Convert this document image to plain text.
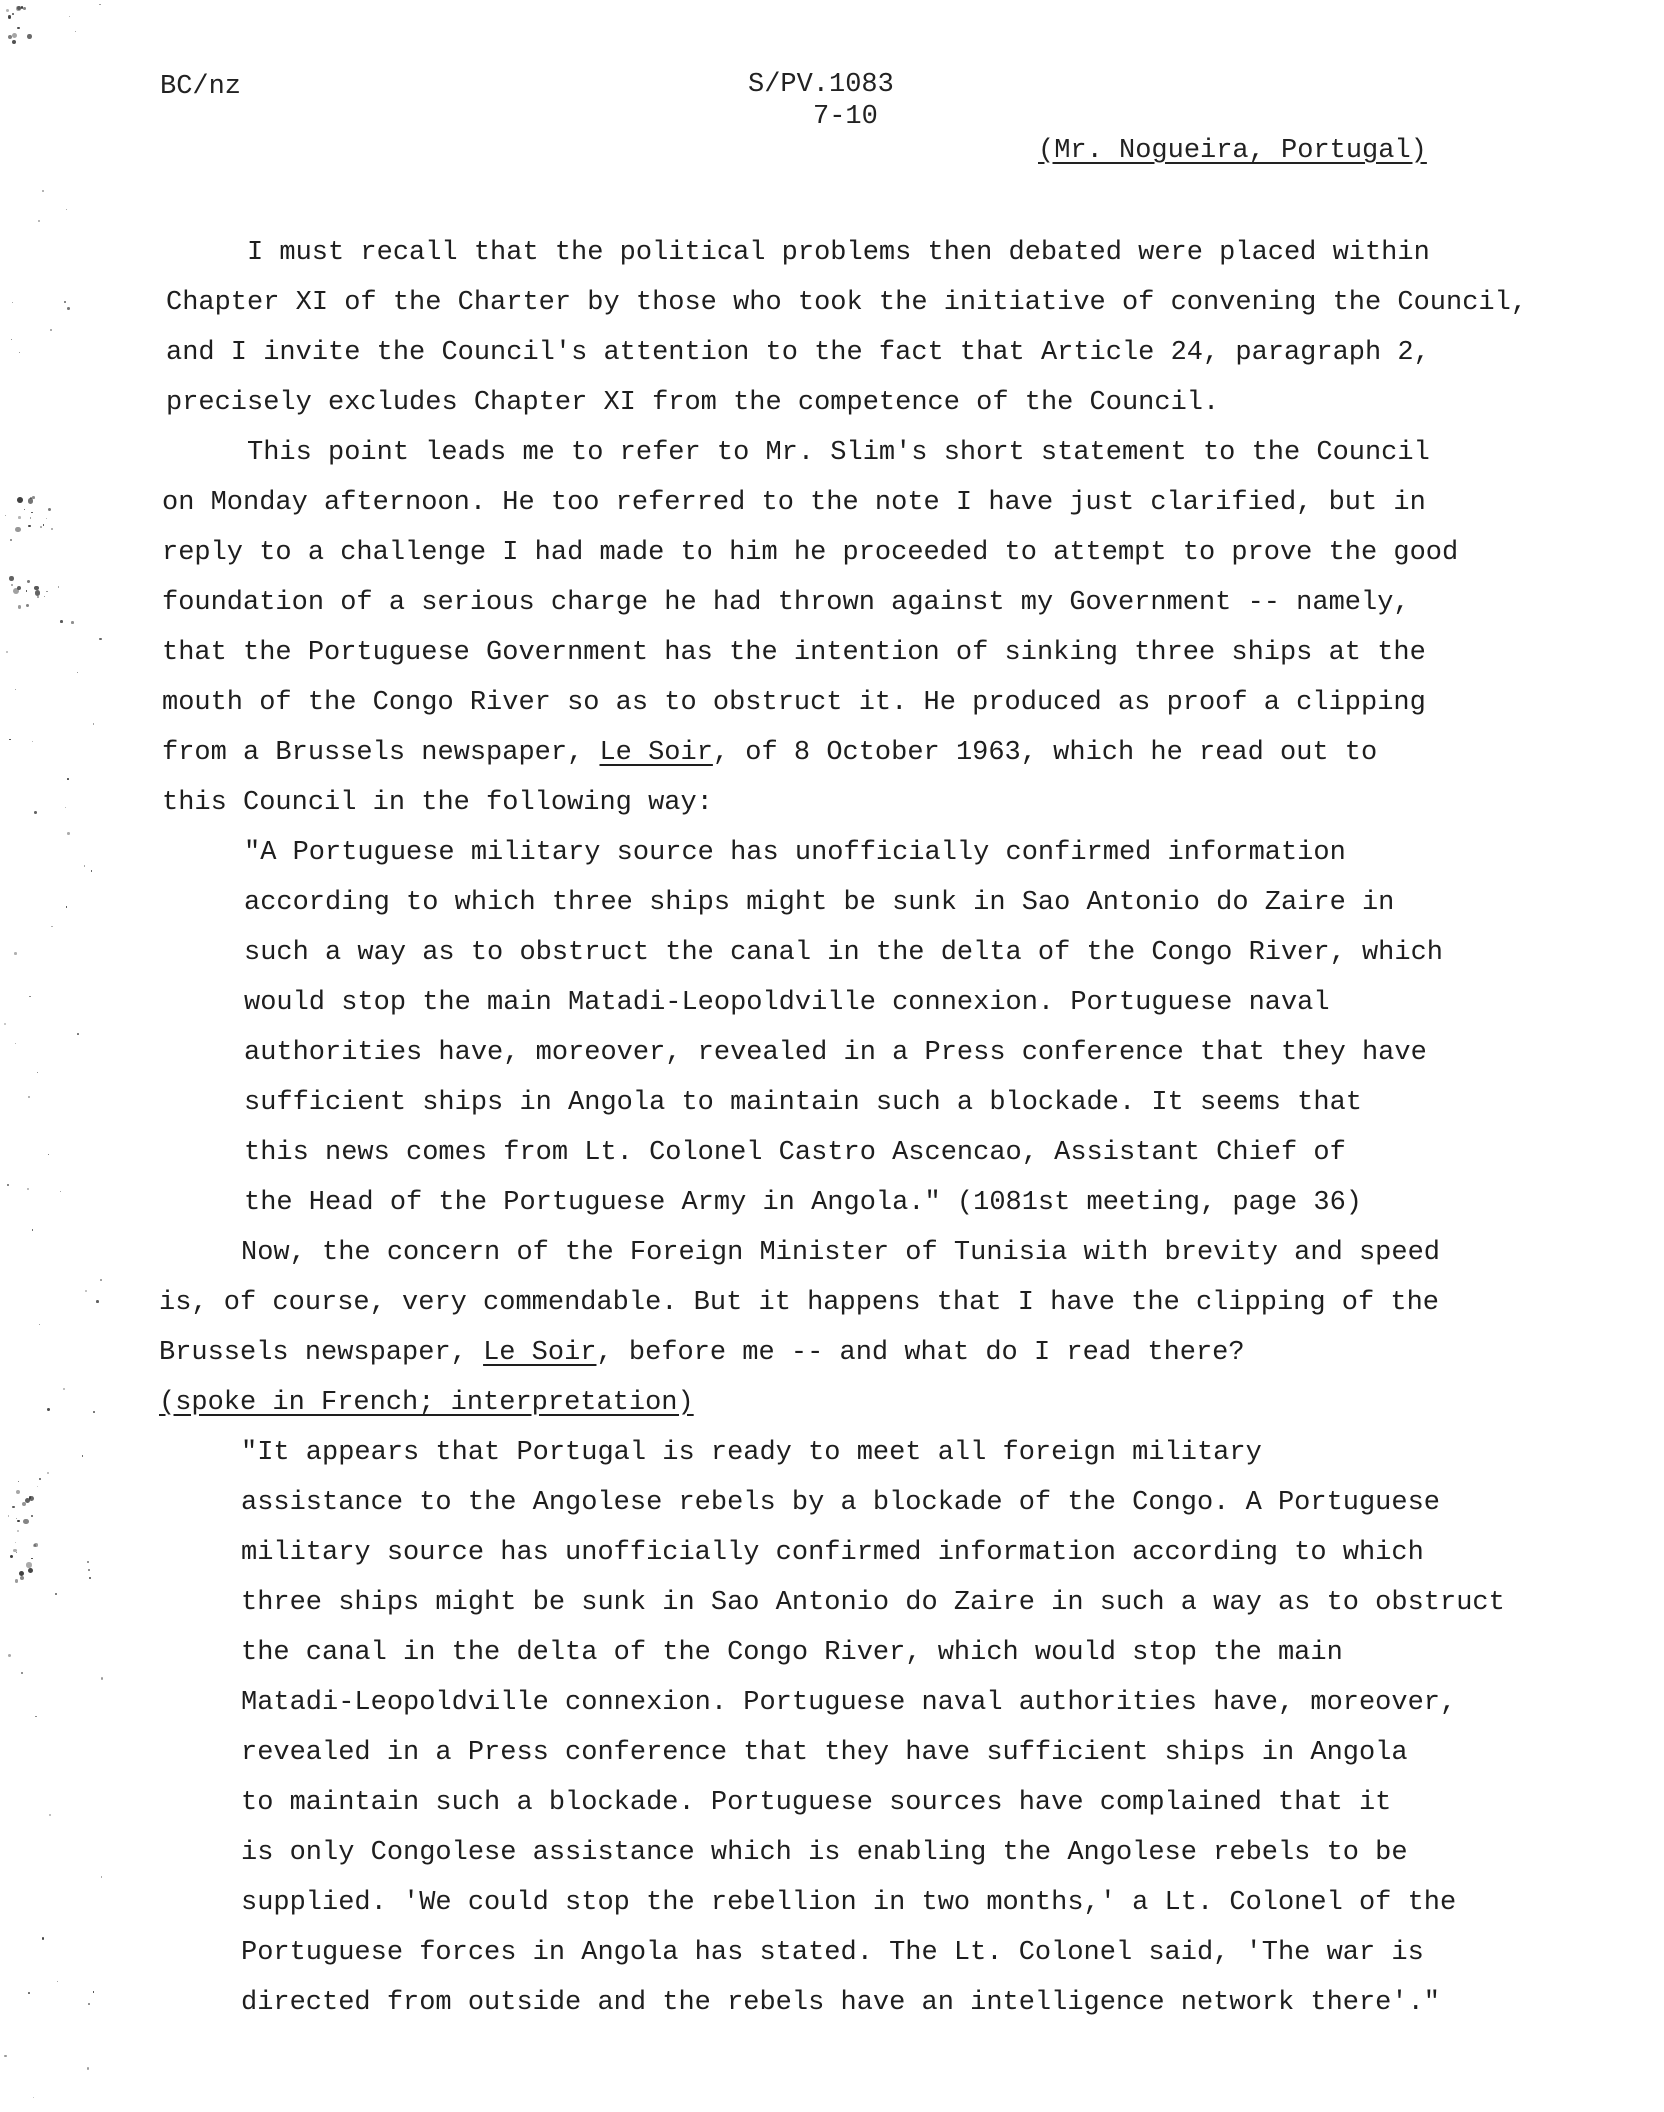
BC/nz	S/PV.1083
7-10
(Mr. Nogueira, Portugal)
I must recall that the political problems then debated were placed within
Chapter XI of the Charter by those who took the initiative of convening the Council,
and I invite the Council's attention to the fact that Article 24, paragraph 2,
precisely excludes Chapter XI from the competence of the Council.
This point leads me to refer to Mr. Slim's short statement to the Council
on Monday afternoon. He too referred to the note I have just clarified, but in
reply to a challenge I had made to him he proceeded to attempt to prove the good
foundation of a serious charge he had thrown against my Government -- namely,
that the Portuguese Government has the intention of sinking three ships at the
mouth of the Congo River so as to obstruct it. He produced as proof a clipping
from a Brussels newspaper, Le Soir, of 8 October 1963, which he read out to
this Council in the following way:
"A Portuguese military source has unofficially confirmed information
according to which three ships might be sunk in Sao Antonio do Zaire in
such a way as to obstruct the canal in the delta of the Congo River, which
would stop the main Matadi-Leopoldville connexion. Portuguese naval
authorities have, moreover, revealed in a Press conference that they have
sufficient ships in Angola to maintain such a blockade. It seems that
this news comes from Lt. Colonel Castro Ascencao, Assistant Chief of
the Head of the Portuguese Army in Angola." (1081st meeting, page 36)
Now, the concern of the Foreign Minister of Tunisia with brevity and speed
is, of course, very commendable. But it happens that I have the clipping of the
Brussels newspaper, Le Soir, before me -- and what do I read there?
(spoke in French; interpretation)
"It appears that Portugal is ready to meet all foreign military
assistance to the Angolese rebels by a blockade of the Congo. A Portuguese
military source has unofficially confirmed information according to which
three ships might be sunk in Sao Antonio do Zaire in such a way as to obstruct
the canal in the delta of the Congo River, which would stop the main
Matadi-Leopoldville connexion. Portuguese naval authorities have, moreover,
revealed in a Press conference that they have sufficient ships in Angola
to maintain such a blockade. Portuguese sources have complained that it
is only Congolese assistance which is enabling the Angolese rebels to be
supplied. 'We could stop the rebellion in two months,' a Lt. Colonel of the
Portuguese forces in Angola has stated. The Lt. Colonel said, 'The war is
directed from outside and the rebels have an intelligence network there'."
